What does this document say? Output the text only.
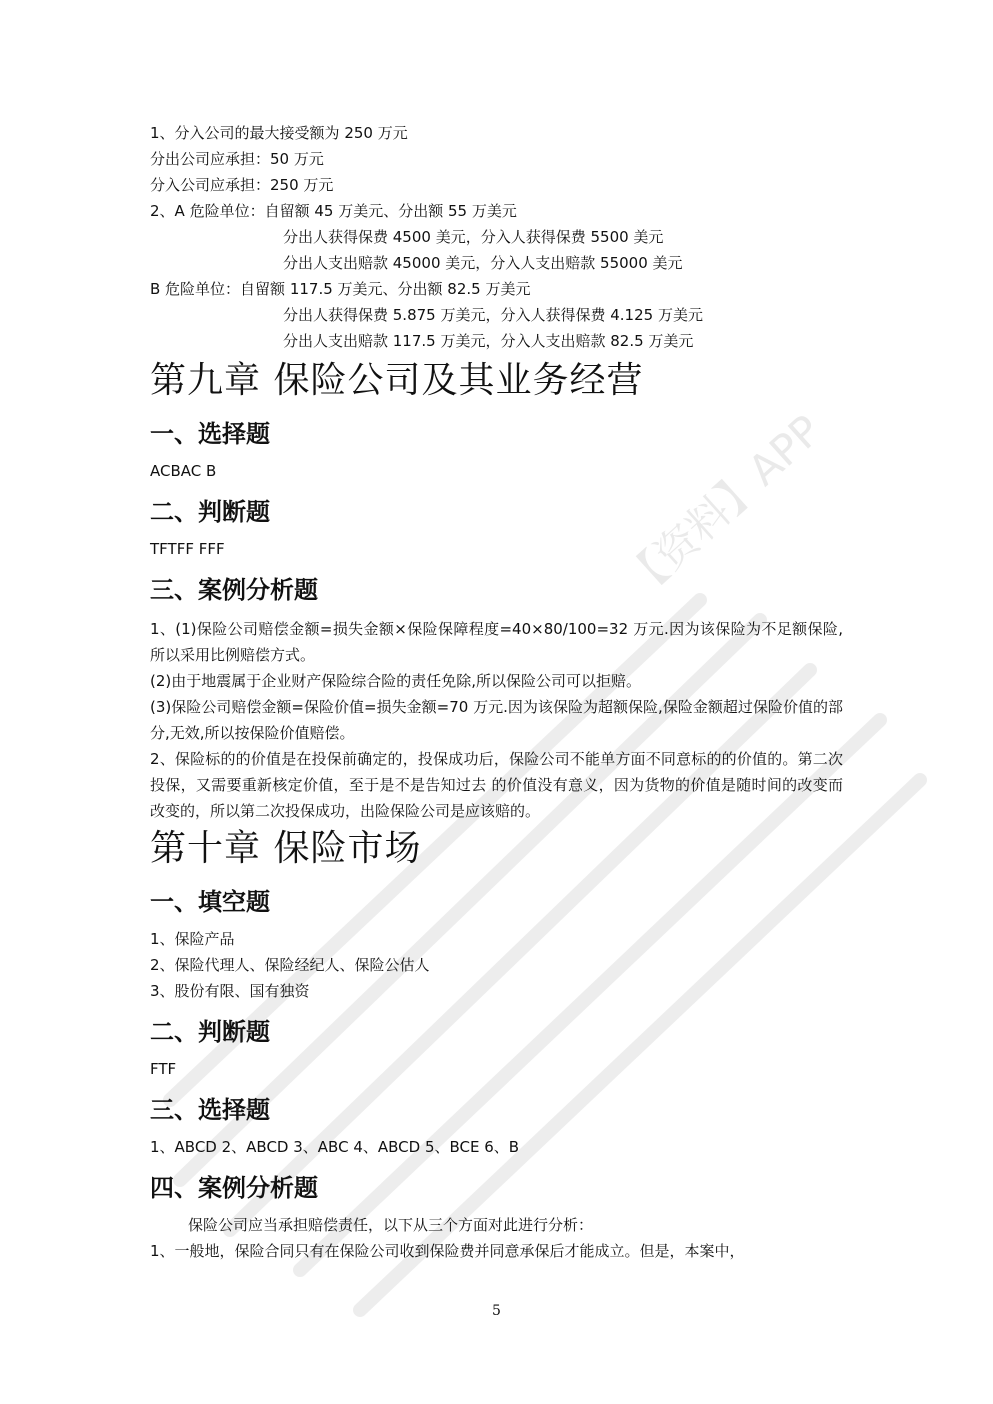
【资料】APP
1、分入公司的最大接受额为 250 万元
分出公司应承担：50 万元
分入公司应承担：250 万元
2、A 危险单位：自留额 45 万美元、分出额 55 万美元
分出人获得保费 4500 美元，分入人获得保费 5500 美元
分出人支出赔款 45000 美元，分入人支出赔款 55000 美元
B 危险单位：自留额 117.5 万美元、分出额 82.5 万美元
分出人获得保费 5.875 万美元，分入人获得保费 4.125 万美元
分出人支出赔款 117.5 万美元，分入人支出赔款 82.5 万美元
第九章 保险公司及其业务经营
一、选择题
ACBAC B
二、判断题
TFTFF FFF
三、案例分析题
1、(1)保险公司赔偿金额=损失金额×保险保障程度=40×80/100=32 万元.因为该保险为不足额保险,所以采用比例赔偿方式。
(2)由于地震属于企业财产保险综合险的责任免除,所以保险公司可以拒赔。
(3)保险公司赔偿金额=保险价值=损失金额=70 万元.因为该保险为超额保险,保险金额超过保险价值的部分,无效,所以按保险价值赔偿。
2、保险标的的价值是在投保前确定的，投保成功后，保险公司不能单方面不同意标的的价值的。第二次投保，又需要重新核定价值，至于是不是告知过去 的价值没有意义，因为货物的价值是随时间的改变而改变的，所以第二次投保成功，出险保险公司是应该赔的。
第十章 保险市场
一、填空题
1、保险产品
2、保险代理人、保险经纪人、保险公估人
3、股份有限、国有独资
二、判断题
FTF
三、选择题
1、ABCD 2、ABCD 3、ABC 4、ABCD 5、BCE 6、B
四、案例分析题
保险公司应当承担赔偿责任，以下从三个方面对此进行分析：
1、一般地，保险合同只有在保险公司收到保险费并同意承保后才能成立。但是，本案中，
5
